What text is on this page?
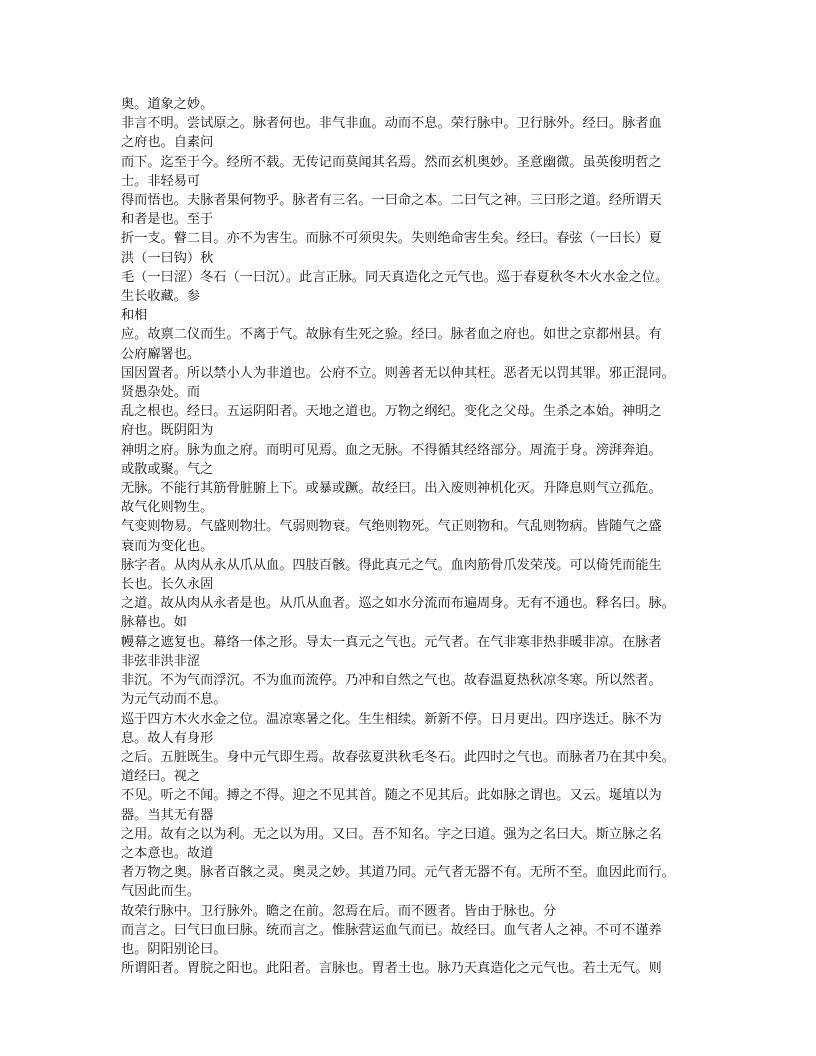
奥。道象之妙。
非言不明。尝试原之。脉者何也。非气非血。动而不息。荣行脉中。卫行脉外。经曰。脉者血
之府也。自素问
而下。迄至于今。经所不载。无传记而莫闻其名焉。然而玄机奥妙。圣意幽微。虽英俊明哲之
士。非轻易可
得而悟也。夫脉者果何物乎。脉者有三名。一曰命之本。二曰气之神。三曰形之道。经所谓天
和者是也。至于
折一支。瞽二目。亦不为害生。而脉不可须臾失。失则绝命害生矣。经曰。春弦（一曰长）夏
洪（一曰钩）秋
毛（一曰涩）冬石（一曰沉）。此言正脉。同天真造化之元气也。巡于春夏秋冬木火水金之位。
生长收藏。参
和相
应。故禀二仪而生。不离于气。故脉有生死之验。经曰。脉者血之府也。如世之京都州县。有
公府廨署也。
国因置者。所以禁小人为非道也。公府不立。则善者无以伸其枉。恶者无以罚其罪。邪正混同。
贤愚杂处。而
乱之根也。经曰。五运阴阳者。天地之道也。万物之纲纪。变化之父母。生杀之本始。神明之
府也。既阴阳为
神明之府。脉为血之府。而明可见焉。血之无脉。不得循其经络部分。周流于身。滂湃奔迫。
或散或聚。气之
无脉。不能行其筋骨脏腑上下。或暴或蹶。故经曰。出入废则神机化灭。升降息则气立孤危。
故气化则物生。
气变则物易。气盛则物壮。气弱则物衰。气绝则物死。气正则物和。气乱则物病。皆随气之盛
衰而为变化也。
脉字者。从肉从永从爪从血。四肢百骸。得此真元之气。血肉筋骨爪发荣茂。可以倚凭而能生
长也。长久永固
之道。故从肉从永者是也。从爪从血者。巡之如水分流而布遍周身。无有不通也。释名曰。脉。
脉幕也。如
幔幕之遮复也。幕络一体之形。导太一真元之气也。元气者。在气非寒非热非暖非凉。在脉者
非弦非洪非涩
非沉。不为气而浮沉。不为血而流停。乃冲和自然之气也。故春温夏热秋凉冬寒。所以然者。
为元气动而不息。
巡于四方木火水金之位。温凉寒暑之化。生生相续。新新不停。日月更出。四序迭迁。脉不为
息。故人有身形
之后。五脏既生。身中元气即生焉。故春弦夏洪秋毛冬石。此四时之气也。而脉者乃在其中矣。
道经曰。视之
不见。听之不闻。搏之不得。迎之不见其首。随之不见其后。此如脉之谓也。又云。埏埴以为
器。当其无有器
之用。故有之以为利。无之以为用。又曰。吾不知名。字之曰道。强为之名曰大。斯立脉之名
之本意也。故道
者万物之奥。脉者百骸之灵。奥灵之妙。其道乃同。元气者无器不有。无所不至。血因此而行。
气因此而生。
故荣行脉中。卫行脉外。瞻之在前。忽焉在后。而不匮者。皆由于脉也。分
而言之。曰气曰血曰脉。统而言之。惟脉营运血气而已。故经曰。血气者人之神。不可不谨养
也。阴阳别论曰。
所谓阳者。胃脘之阳也。此阳者。言脉也。胃者土也。脉乃天真造化之元气也。若土无气。则
